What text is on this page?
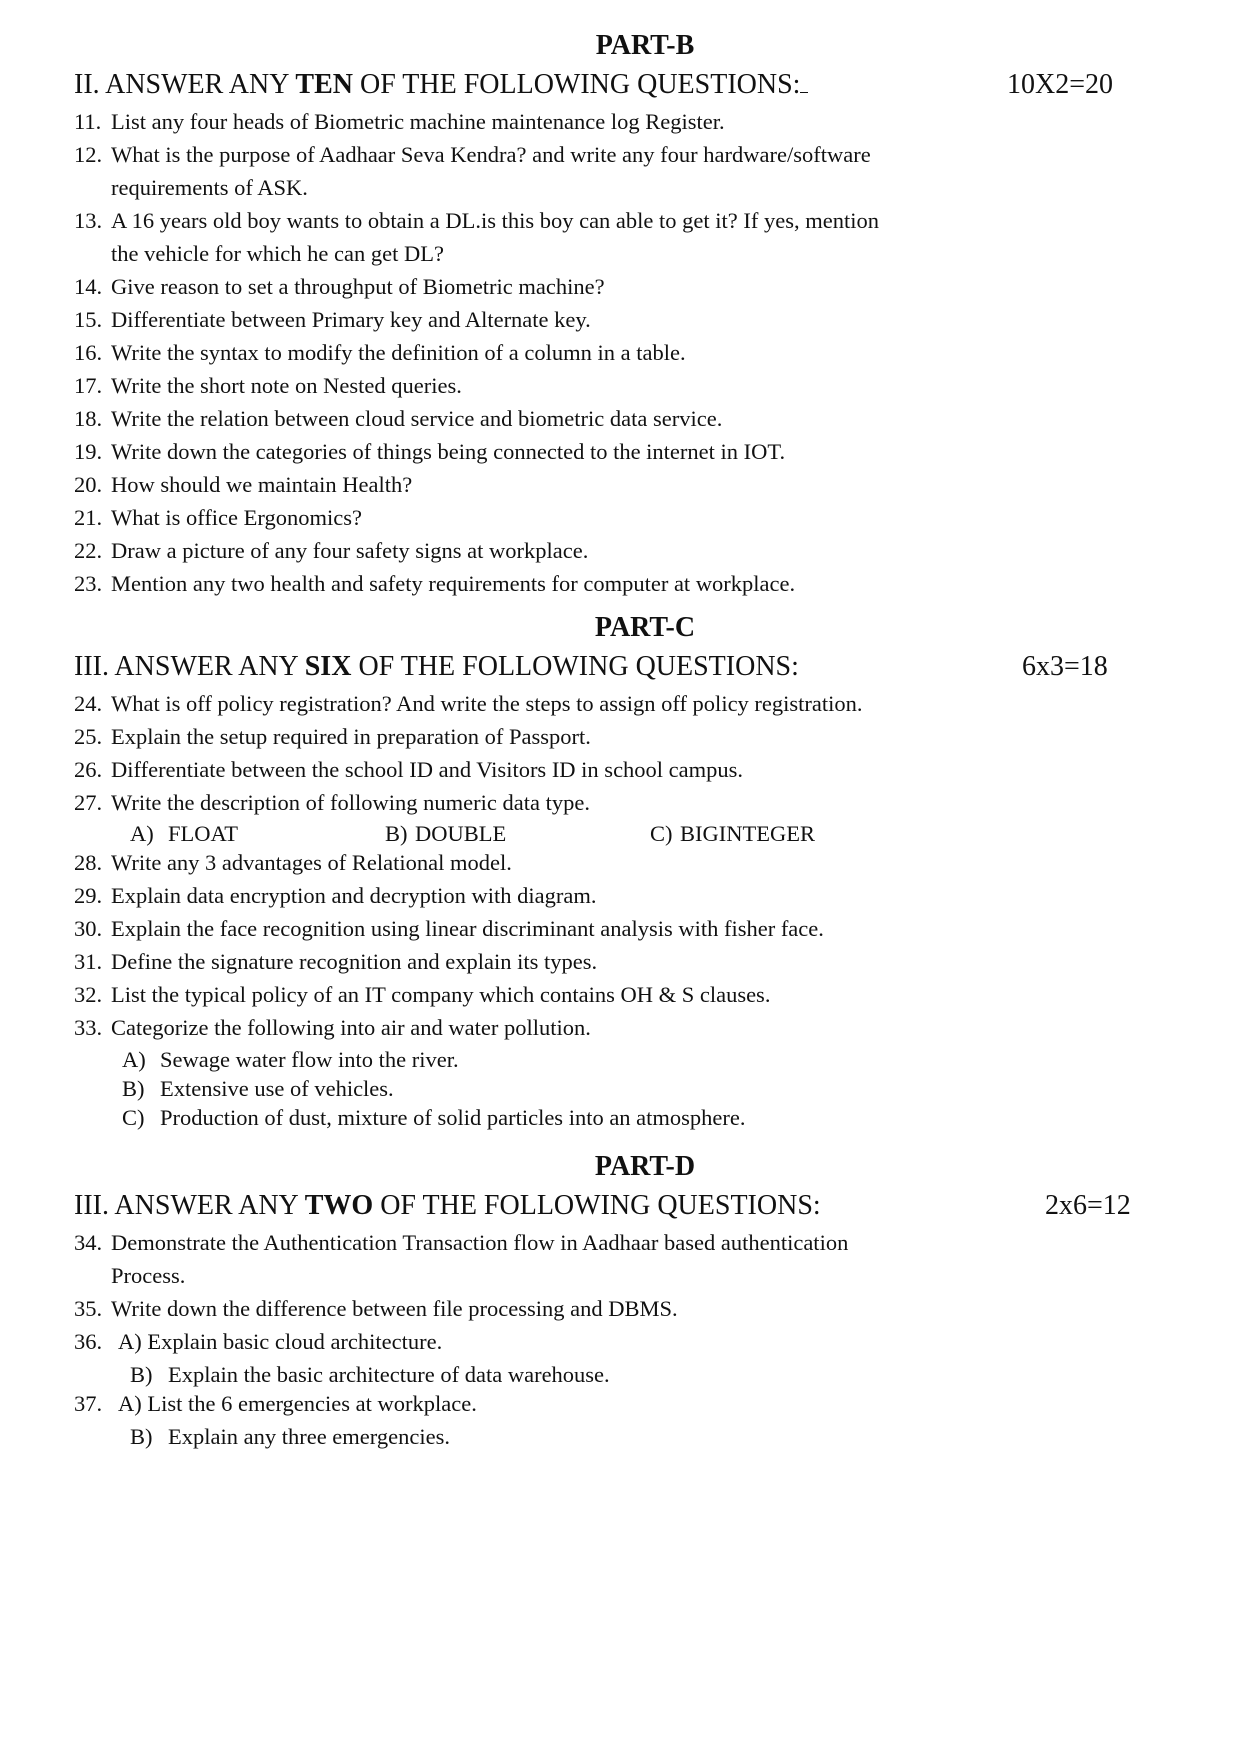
PART-B
II. ANSWER ANY TEN OF THE FOLLOWING QUESTIONS:	10X2=20
11. List any four heads of Biometric machine maintenance log Register.
12. What is the purpose of Aadhaar Seva Kendra? and write any four hardware/software
requirements of ASK.
13. A 16 years old boy wants to obtain a DL.is this boy can able to get it? If yes, mention
the vehicle for which he can get DL?
14. Give reason to set a throughput of Biometric machine?
15. Differentiate between Primary key and Alternate key.
16. Write the syntax to modify the definition of a column in a table.
17. Write the short note on Nested queries.
18. Write the relation between cloud service and biometric data service.
19. Write down the categories of things being connected to the internet in IOT.
20. How should we maintain Health?
21. What is office Ergonomics?
22. Draw a picture of any four safety signs at workplace.
23. Mention any two health and safety requirements for computer at workplace.
PART-C
III. ANSWER ANY SIX OF THE FOLLOWING QUESTIONS:	6x3=18
24. What is off policy registration? And write the steps to assign off policy registration.
25. Explain the setup required in preparation of Passport.
26. Differentiate between the school ID and Visitors ID in school campus.
27. Write the description of following numeric data type.
A) FLOAT	B) DOUBLE	C) BIGINTEGER
28. Write any 3 advantages of Relational model.
29. Explain data encryption and decryption with diagram.
30. Explain the face recognition using linear discriminant analysis with fisher face.
31. Define the signature recognition and explain its types.
32. List the typical policy of an IT company which contains OH & S clauses.
33. Categorize the following into air and water pollution.
A) Sewage water flow into the river.
B) Extensive use of vehicles.
C) Production of dust, mixture of solid particles into an atmosphere.
PART-D
III. ANSWER ANY TWO OF THE FOLLOWING QUESTIONS:	2x6=12
34. Demonstrate the Authentication Transaction flow in Aadhaar based authentication
Process.
35. Write down the difference between file processing and DBMS.
36. A) Explain basic cloud architecture.
B) Explain the basic architecture of data warehouse.
37. A) List the 6 emergencies at workplace.
B) Explain any three emergencies.
